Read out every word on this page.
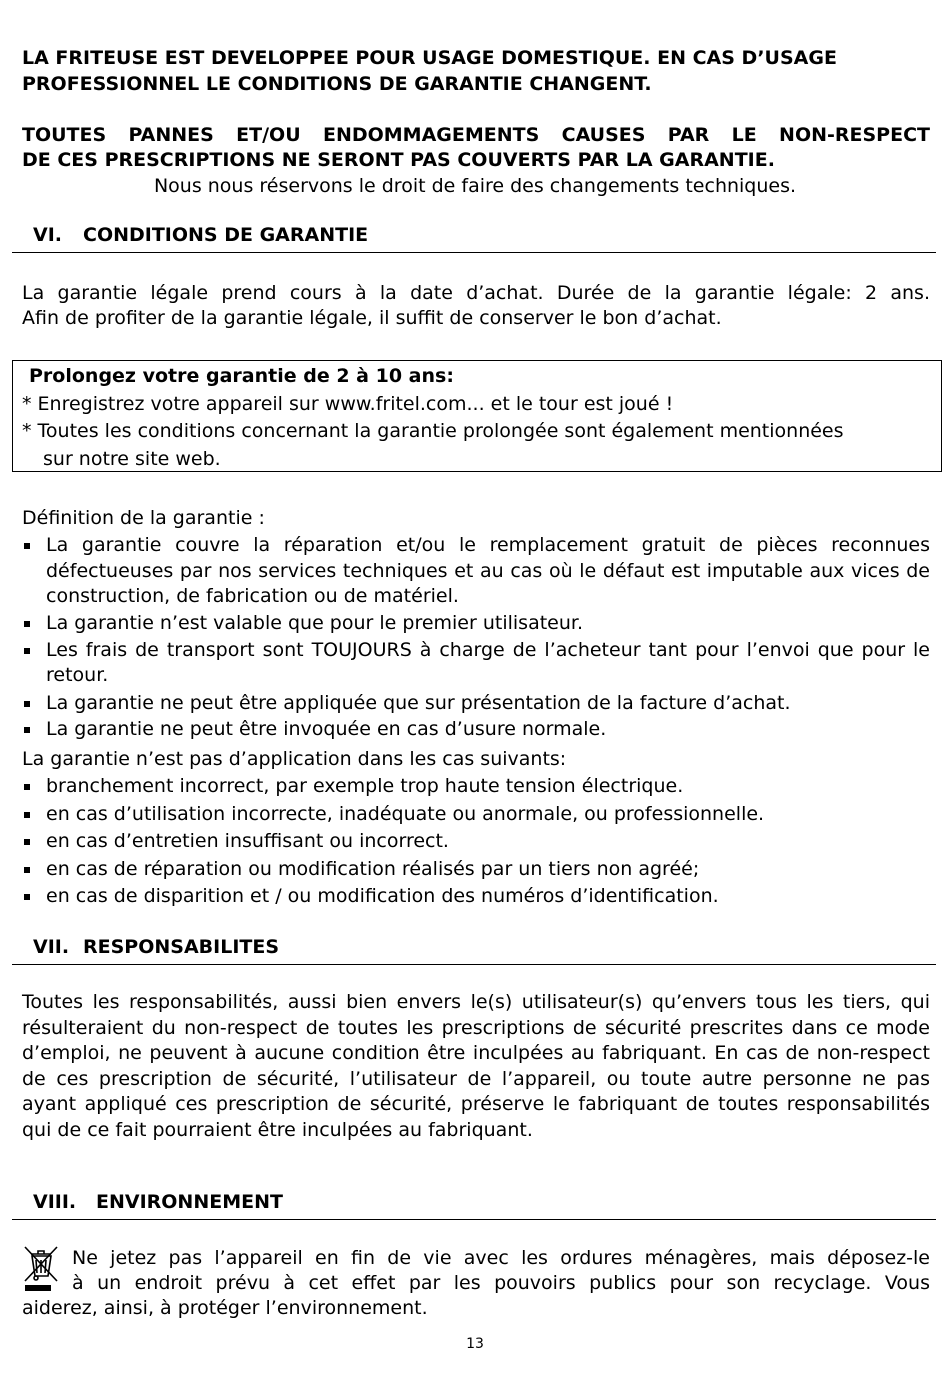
LA FRITEUSE EST DEVELOPPEE POUR USAGE DOMESTIQUE. EN CAS D’USAGE

PROFESSIONNEL LE CONDITIONS DE GARANTIE CHANGENT.

TOUTES PANNES ET/OU ENDOMMAGEMENTS CAUSES PAR LE NON-RESPECT

DE CES PRESCRIPTIONS NE SERONT PAS COUVERTS PAR LA GARANTIE.

Nous nous réservons le droit de faire des changements techniques.

VI. CONDITIONS DE GARANTIE

La garantie légale prend cours à la date d’achat. Durée de la garantie légale: 2 ans.

Afin de profiter de la garantie légale, il suffit de conserver le bon d’achat.

Prolongez votre garantie de 2 à 10 ans:

* Enregistrez votre appareil sur www.fritel.com... et le tour est joué !

* Toutes les conditions concernant la garantie prolongée sont également mentionnées

sur notre site web.

Définition de la garantie :

La garantie couvre la réparation et/ou le remplacement gratuit de pièces reconnues défectueuses par nos services techniques et au cas où le défaut est imputable aux vices de construction, de fabrication ou de matériel.
La garantie n’est valable que pour le premier utilisateur.
Les frais de transport sont TOUJOURS à charge de l’acheteur tant pour l’envoi que pour le retour.
La garantie ne peut être appliquée que sur présentation de la facture d’achat.
La garantie ne peut être invoquée en cas d’usure normale.

La garantie n’est pas d’application dans les cas suivants:

branchement incorrect, par exemple trop haute tension électrique.
en cas d’utilisation incorrecte, inadéquate ou anormale, ou professionnelle.
en cas d’entretien insuffisant ou incorrect.
en cas de réparation ou modification réalisés par un tiers non agréé;
en cas de disparition et / ou modification des numéros d’identification.
VII. RESPONSABILITES

Toutes les responsabilités, aussi bien envers le(s) utilisateur(s) qu’envers tous les tiers, qui résulteraient du non-respect de toutes les prescriptions de sécurité prescrites dans ce mode d’emploi, ne peuvent à aucune condition être inculpées au fabriquant. En cas de non-respect de ces prescription de sécurité, l’utilisateur de l’appareil, ou toute autre personne ne pas ayant appliqué ces prescription de sécurité, préserve le fabriquant de toutes responsabilités qui de ce fait pourraient être inculpées au fabriquant.

VIII. ENVIRONNEMENT

Ne jetez pas l’appareil en fin de vie avec les ordures ménagères, mais déposez-le

à un endroit prévu à cet effet par les pouvoirs publics pour son recyclage. Vous

aiderez, ainsi, à protéger l’environnement.

13
